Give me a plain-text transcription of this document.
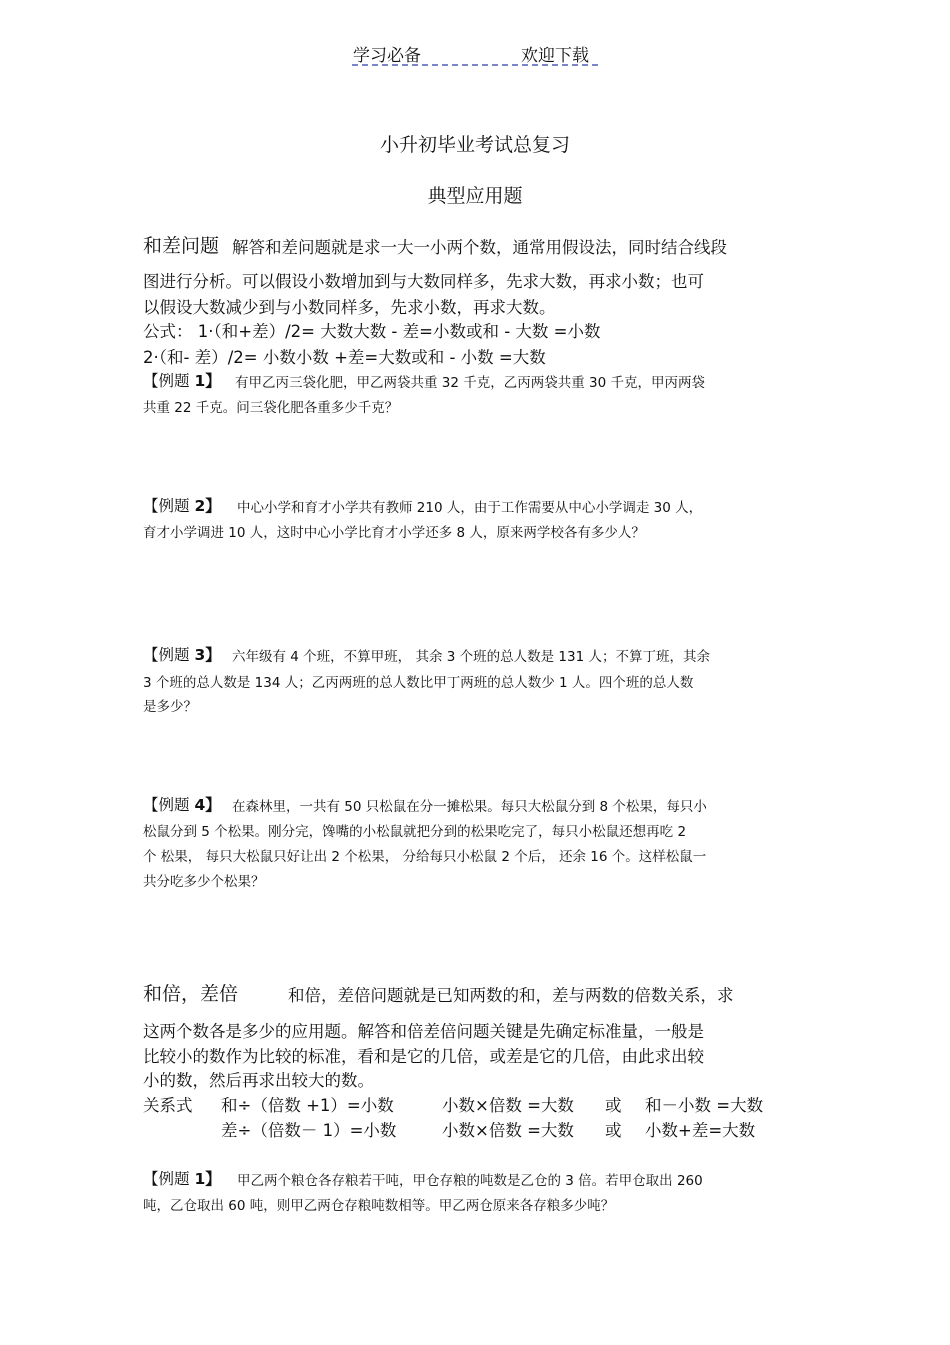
学习必备	欢迎下载
小升初毕业考试总复习
典型应用题
和差问题 解答和差问题就是求一大一小两个数，通常用假设法，同时结合线段
图进行分析。可以假设小数增加到与大数同样多，先求大数，再求小数；也可
以假设大数减少到与小数同样多，先求小数，再求大数。
公式： 1·（和+差）/2= 大数大数 - 差=小数或和 - 大数 =小数
2·（和- 差）/2= 小数小数 +差=大数或和 - 小数 =大数
【例题 1】 有甲乙丙三袋化肥，甲乙两袋共重 32 千克，乙丙两袋共重 30 千克，甲丙两袋
共重 22 千克。问三袋化肥各重多少千克？
【例题 2】 中心小学和育才小学共有教师 210 人，由于工作需要从中心小学调走 30 人，
育才小学调进 10 人，这时中心小学比育才小学还多 8 人，原来两学校各有多少人？
【例题 3】 六年级有 4 个班，不算甲班， 其余 3 个班的总人数是 131 人；不算丁班，其余
3 个班的总人数是 134 人；乙丙两班的总人数比甲丁两班的总人数少 1 人。四个班的总人数
是多少？
【例题 4】 在森林里，一共有 50 只松鼠在分一摊松果。每只大松鼠分到 8 个松果，每只小
松鼠分到 5 个松果。刚分完，馋嘴的小松鼠就把分到的松果吃完了，每只小松鼠还想再吃 2
个 松果， 每只大松鼠只好让出 2 个松果， 分给每只小松鼠 2 个后， 还余 16 个。这样松鼠一
共分吃多少个松果？
和倍，差倍	和倍，差倍问题就是已知两数的和，差与两数的倍数关系，求
这两个数各是多少的应用题。解答和倍差倍问题关键是先确定标准量，一般是
比较小的数作为比较的标准，看和是它的几倍，或差是它的几倍，由此求出较
小的数，然后再求出较大的数。
关系式 和÷（倍数 +1）=小数	小数×倍数 =大数 或 和－小数 =大数
差÷（倍数－ 1）=小数	小数×倍数 =大数 或 小数+差=大数
【例题 1】 甲乙两个粮仓各存粮若干吨，甲仓存粮的吨数是乙仓的 3 倍。若甲仓取出 260
吨，乙仓取出 60 吨，则甲乙两仓存粮吨数相等。甲乙两仓原来各存粮多少吨？
